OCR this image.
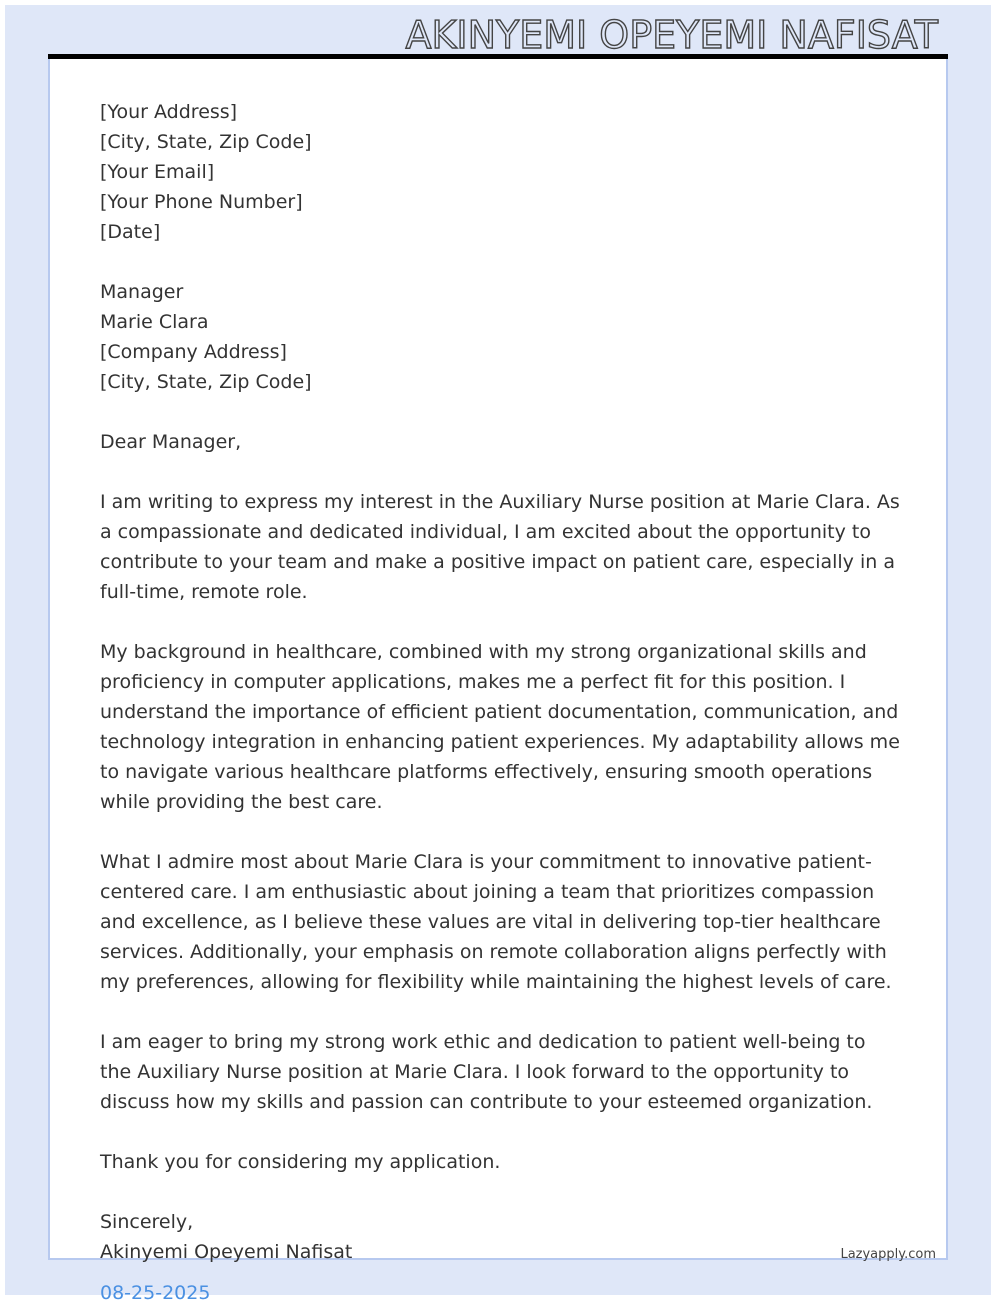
AKINYEMI OPEYEMI NAFISAT
[Your Address]
[City, State, Zip Code]
[Your Email]
[Your Phone Number]
[Date]
Manager
Marie Clara
[Company Address]
[City, State, Zip Code]
Dear Manager,

I am writing to express my interest in the Auxiliary Nurse position at Marie Clara. As a compassionate and dedicated individual, I am excited about the opportunity to contribute to your team and make a positive impact on patient care, especially in a full-time, remote role.

My background in healthcare, combined with my strong organizational skills and proficiency in computer applications, makes me a perfect fit for this position. I understand the importance of efficient patient documentation, communication, and technology integration in enhancing patient experiences. My adaptability allows me to navigate various healthcare platforms effectively, ensuring smooth operations while providing the best care.

What I admire most about Marie Clara is your commitment to innovative patient-centered care. I am enthusiastic about joining a team that prioritizes compassion and excellence, as I believe these values are vital in delivering top-tier healthcare services. Additionally, your emphasis on remote collaboration aligns perfectly with my preferences, allowing for flexibility while maintaining the highest levels of care.

I am eager to bring my strong work ethic and dedication to patient well-being to the Auxiliary Nurse position at Marie Clara. I look forward to the opportunity to discuss how my skills and passion can contribute to your esteemed organization.

Thank you for considering my application.
Sincerely,
Akinyemi Opeyemi Nafisat	Lazyapply.com
08-25-2025
